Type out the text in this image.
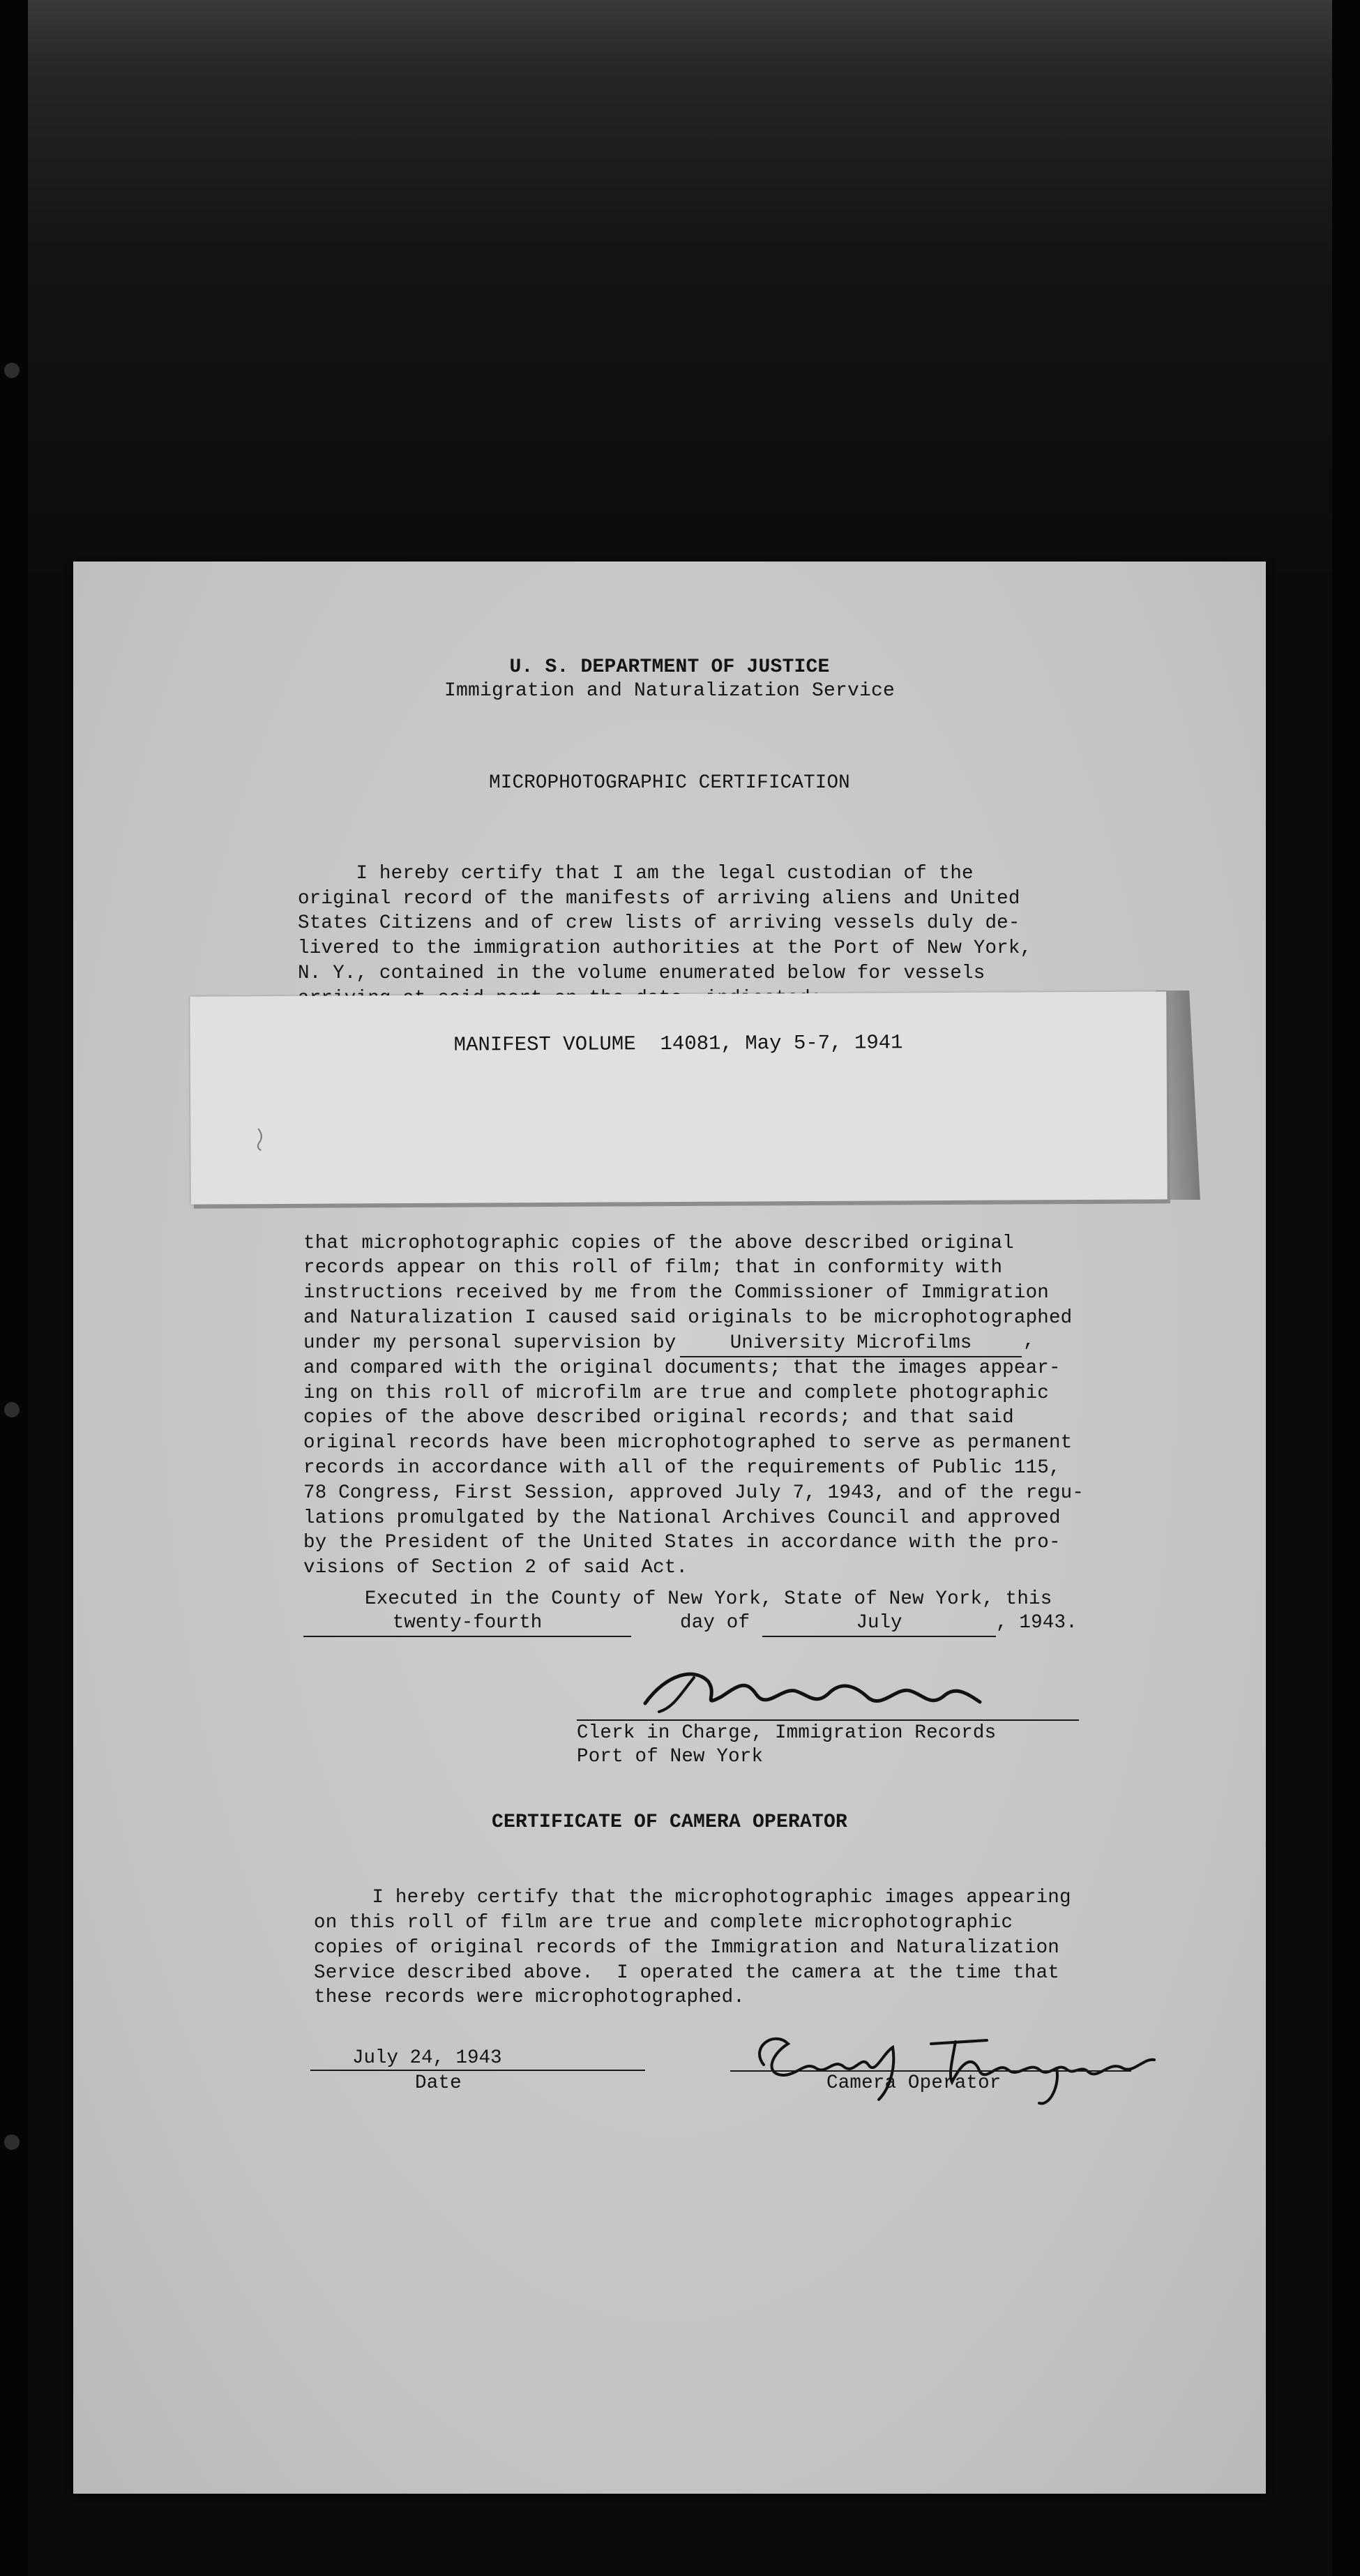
U. S. DEPARTMENT OF JUSTICE
Immigration and Naturalization Service
MICROPHOTOGRAPHIC CERTIFICATION
I hereby certify that I am the legal custodian of the
original record of the manifests of arriving aliens and United
States Citizens and of crew lists of arriving vessels duly de-
livered to the immigration authorities at the Port of New York,
N. Y., contained in the volume enumerated below for vessels
MANIFEST VOLUME  14081, May 5-7, 1941
that microphotographic copies of the above described original
records appear on this roll of film; that in conformity with
instructions received by me from the Commissioner of Immigration
and Naturalization I caused said originals to be microphotographed
under my personal supervision by	University Microfilms	,
and compared with the original documents; that the images appear-
ing on this roll of microfilm are true and complete photographic
copies of the above described original records; and that said
original records have been microphotographed to serve as permanent
records in accordance with all of the requirements of Public 115,
78 Congress, First Session, approved July 7, 1943, and of the regu-
lations promulgated by the National Archives Council and approved
by the President of the United States in accordance with the pro-
visions of Section 2 of said Act.
Executed in the County of New York, State of New York, this
twenty-fourth	day of	July	, 1943.
Clerk in Charge, Immigration Records
Port of New York
CERTIFICATE OF CAMERA OPERATOR
I hereby certify that the microphotographic images appearing
on this roll of film are true and complete microphotographic
copies of original records of the Immigration and Naturalization
Service described above.  I operated the camera at the time that
these records were microphotographed.
July 24, 1943
Date	Camera Operator
